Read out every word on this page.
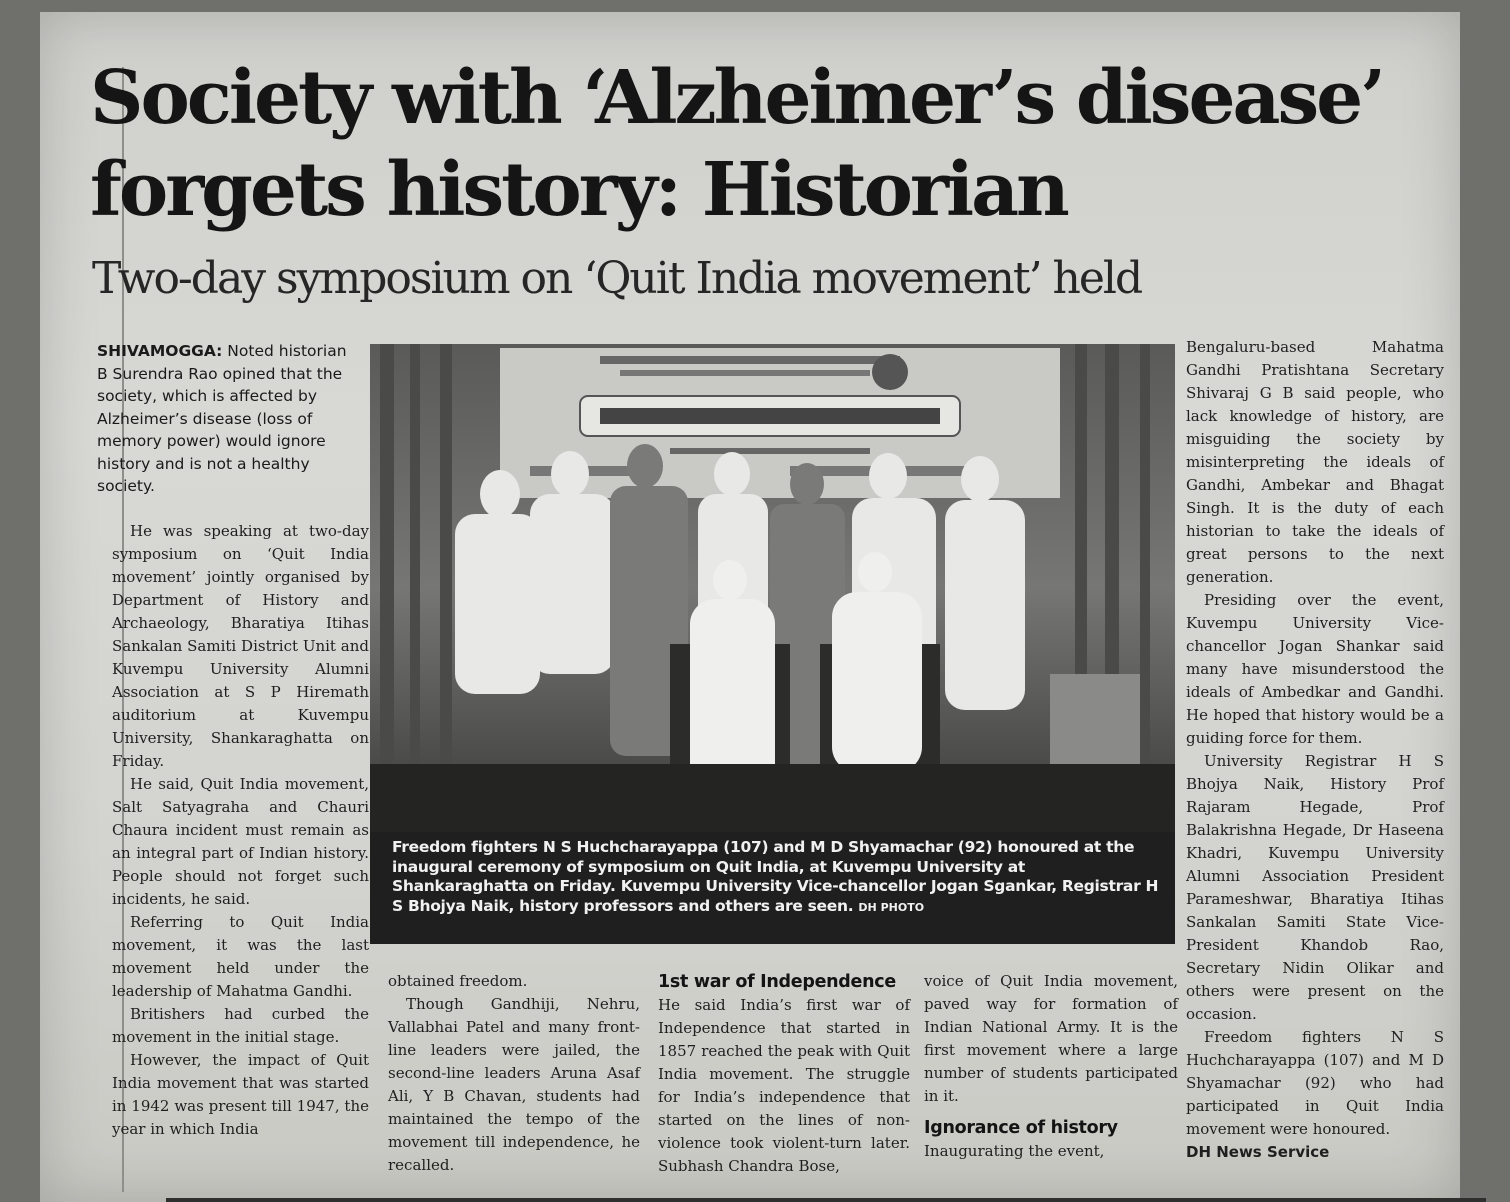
Society with ‘Alzheimer’s disease’
forgets history: Historian
Two-day symposium on ‘Quit India movement’ held
SHIVAMOGGA: Noted historian B Surendra Rao opined that the society, which is affected by Alzheimer’s disease (loss of memory power) would ignore history and is not a healthy society.

He was speaking at two-day symposium on ‘Quit India movement’ jointly organised by Department of History and Archaeology, Bharatiya Itihas Sankalan Samiti District Unit and Kuvempu University Alumni Association at S P Hiremath auditorium at Kuvempu University, Shankaraghatta on Friday.

He said, Quit India movement, Salt Satyagraha and Chauri Chaura incident must remain as an integral part of Indian history. People should not forget such incidents, he said.

Referring to Quit India movement, it was the last movement held under the leadership of Mahatma Gandhi.

Britishers had curbed the movement in the initial stage.

However, the impact of Quit India movement that was started in 1942 was present till 1947, the year in which India

Freedom fighters N S Huchcharayappa (107) and M D Shyamachar (92) honoured at the inaugural ceremony of symposium on Quit India, at Kuvempu University at Shankaraghatta on Friday. Kuvempu University Vice-chancellor Jogan Sgankar, Registrar H S Bhojya Naik, history professors and others are seen. DH PHOTO

obtained freedom.

Though Gandhiji, Nehru, Vallabhai Patel and many front-line leaders were jailed, the second-line leaders Aruna Asaf Ali, Y B Chavan, students had maintained the tempo of the movement till independence, he recalled.

1st war of Independence

He said India’s first war of Independence that started in 1857 reached the peak with Quit India movement. The struggle for India’s independence that started on the lines of non-violence took violent-turn later. Subhash Chandra Bose,

voice of Quit India movement, paved way for formation of Indian National Army. It is the first movement where a large number of students participated in it.

Ignorance of history

Inaugurating the event,

Bengaluru-based Mahatma Gandhi Pratishtana Secretary Shivaraj G B said people, who lack knowledge of history, are misguiding the society by misinterpreting the ideals of Gandhi, Ambekar and Bhagat Singh. It is the duty of each historian to take the ideals of great persons to the next generation.

Presiding over the event, Kuvempu University Vice-chancellor Jogan Shankar said many have misunderstood the ideals of Ambedkar and Gandhi. He hoped that history would be a guiding force for them.

University Registrar H S Bhojya Naik, History Prof Rajaram Hegade, Prof Balakrishna Hegade, Dr Haseena Khadri, Kuvempu University Alumni Association President Parameshwar, Bharatiya Itihas Sankalan Samiti State Vice-President Khandob Rao, Secretary Nidin Olikar and others were present on the occasion.

Freedom fighters N S Huchcharayappa (107) and M D Shyamachar (92) who had participated in Quit India movement were honoured.

DH News Service
